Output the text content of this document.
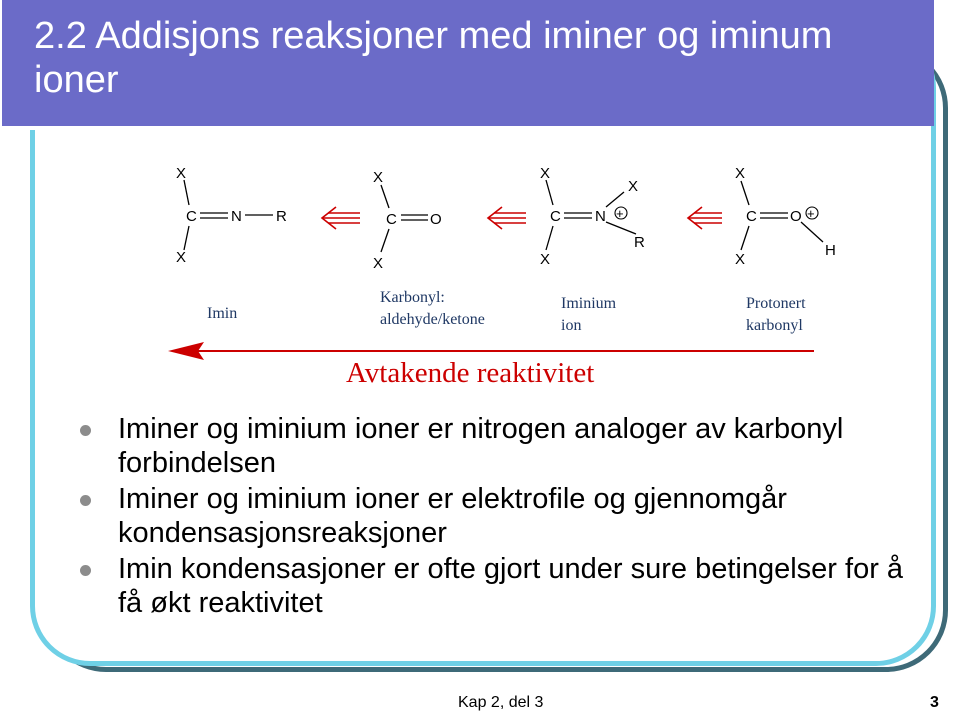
2.2 Addisjons reaksjoner med iminer og iminum ioner
X
C N R
X
X
C O
X
+
X
C N
X
R
X
+
X
C O
H
X
Imin
Karbonyl:
aldehyde/ketone
Iminium
ion
Protonert
karbonyl
Avtakende reaktivitet
Iminer og iminium ioner er nitrogen analoger av karbonyl forbindelsen
Iminer og iminium ioner er elektrofile og gjennomgår kondensasjonsreaksjoner
Imin kondensasjoner er ofte gjort under sure betingelser for å få økt reaktivitet
Kap 2, del 3	3
